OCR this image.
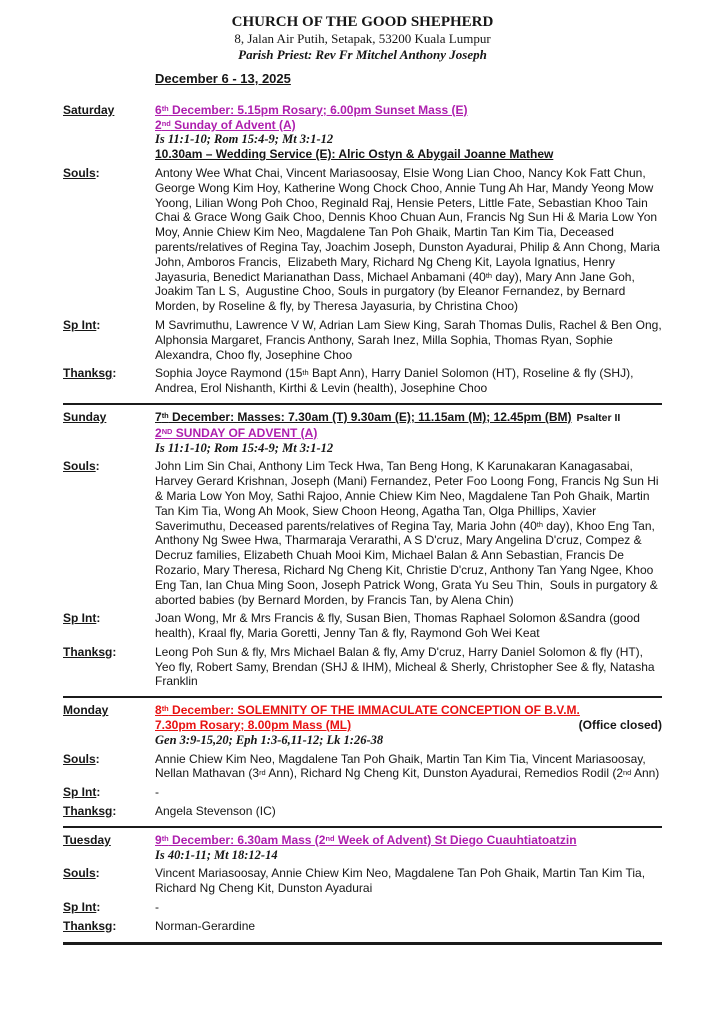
CHURCH OF THE GOOD SHEPHERD
8, Jalan Air Putih, Setapak, 53200 Kuala Lumpur
Parish Priest: Rev Fr Mitchel Anthony Joseph
December 6 - 13, 2025
Saturday	6th December: 5.15pm Rosary; 6.00pm Sunset Mass (E)
2nd Sunday of Advent (A)
Is 11:1-10; Rom 15:4-9; Mt 3:1-12
10.30am – Wedding Service (E): Alric Ostyn & Abygail Joanne Mathew
Souls:	Antony Wee What Chai, Vincent Mariasoosay, Elsie Wong Lian Choo, Nancy Kok Fatt Chun, George Wong Kim Hoy, Katherine Wong Chock Choo, Annie Tung Ah Har, Mandy Yeong Mow Yoong, Lilian Wong Poh Choo, Reginald Raj, Hensie Peters, Little Fate, Sebastian Khoo Tain Chai & Grace Wong Gaik Choo, Dennis Khoo Chuan Aun, Francis Ng Sun Hi & Maria Low Yon Moy, Annie Chiew Kim Neo, Magdalene Tan Poh Ghaik, Martin Tan Kim Tia, Deceased parents/relatives of Regina Tay, Joachim Joseph, Dunston Ayadurai, Philip & Ann Chong, Maria John, Amboros Francis,  Elizabeth Mary, Richard Ng Cheng Kit, Layola Ignatius, Henry Jayasuria, Benedict Marianathan Dass, Michael Anbamani (40th day), Mary Ann Jane Goh, Joakim Tan L S,  Augustine Choo, Souls in purgatory (by Eleanor Fernandez, by Bernard Morden, by Roseline & fly, by Theresa Jayasuria, by Christina Choo)
Sp Int:	M Savrimuthu, Lawrence V W, Adrian Lam Siew King, Sarah Thomas Dulis, Rachel & Ben Ong, Alphonsia Margaret, Francis Anthony, Sarah Inez, Milla Sophia, Thomas Ryan, Sophie Alexandra, Choo fly, Josephine Choo
Thanksg:	Sophia Joyce Raymond (15th Bapt Ann), Harry Daniel Solomon (HT), Roseline & fly (SHJ), Andrea, Erol Nishanth, Kirthi & Levin (health), Josephine Choo
Sunday	7th December: Masses: 7.30am (T) 9.30am (E); 11.15am (M); 12.45pm (BM) Psalter II
2ND SUNDAY OF ADVENT (A)
Is 11:1-10; Rom 15:4-9; Mt 3:1-12
Souls:	John Lim Sin Chai, Anthony Lim Teck Hwa, Tan Beng Hong, K Karunakaran Kanagasabai, Harvey Gerard Krishnan, Joseph (Mani) Fernandez, Peter Foo Loong Fong, Francis Ng Sun Hi & Maria Low Yon Moy, Sathi Rajoo, Annie Chiew Kim Neo, Magdalene Tan Poh Ghaik, Martin Tan Kim Tia, Wong Ah Mook, Siew Choon Heong, Agatha Tan, Olga Phillips, Xavier Saverimuthu, Deceased parents/relatives of Regina Tay, Maria John (40th day), Khoo Eng Tan, Anthony Ng Swee Hwa, Tharmaraja Verarathi, A S D'cruz, Mary Angelina D'cruz, Compez & Decruz families, Elizabeth Chuah Mooi Kim, Michael Balan & Ann Sebastian, Francis De Rozario, Mary Theresa, Richard Ng Cheng Kit, Christie D'cruz, Anthony Tan Yang Ngee, Khoo Eng Tan, Ian Chua Ming Soon, Joseph Patrick Wong, Grata Yu Seu Thin,  Souls in purgatory & aborted babies (by Bernard Morden, by Francis Tan, by Alena Chin)
Sp Int:	Joan Wong, Mr & Mrs Francis & fly, Susan Bien, Thomas Raphael Solomon &Sandra (good health), Kraal fly, Maria Goretti, Jenny Tan & fly, Raymond Goh Wei Keat
Thanksg:	Leong Poh Sun & fly, Mrs Michael Balan & fly, Amy D'cruz, Harry Daniel Solomon & fly (HT), Yeo fly, Robert Samy, Brendan (SHJ & IHM), Micheal & Sherly, Christopher See & fly, Natasha Franklin
Monday	8th December: SOLEMNITY OF THE IMMACULATE CONCEPTION OF B.V.M.
7.30pm Rosary; 8.00pm Mass (ML)	(Office closed)
Gen 3:9-15,20; Eph 1:3-6,11-12; Lk 1:26-38
Souls:	Annie Chiew Kim Neo, Magdalene Tan Poh Ghaik, Martin Tan Kim Tia, Vincent Mariasoosay, Nellan Mathavan (3rd Ann), Richard Ng Cheng Kit, Dunston Ayadurai, Remedios Rodil (2nd Ann)
Sp Int:	-
Thanksg:	Angela Stevenson (IC)
Tuesday	9th December: 6.30am Mass (2nd Week of Advent) St Diego Cuauhtiatoatzin
Is 40:1-11; Mt 18:12-14
Souls:	Vincent Mariasoosay, Annie Chiew Kim Neo, Magdalene Tan Poh Ghaik, Martin Tan Kim Tia, Richard Ng Cheng Kit, Dunston Ayadurai
Sp Int:	-
Thanksg:	Norman-Gerardine
